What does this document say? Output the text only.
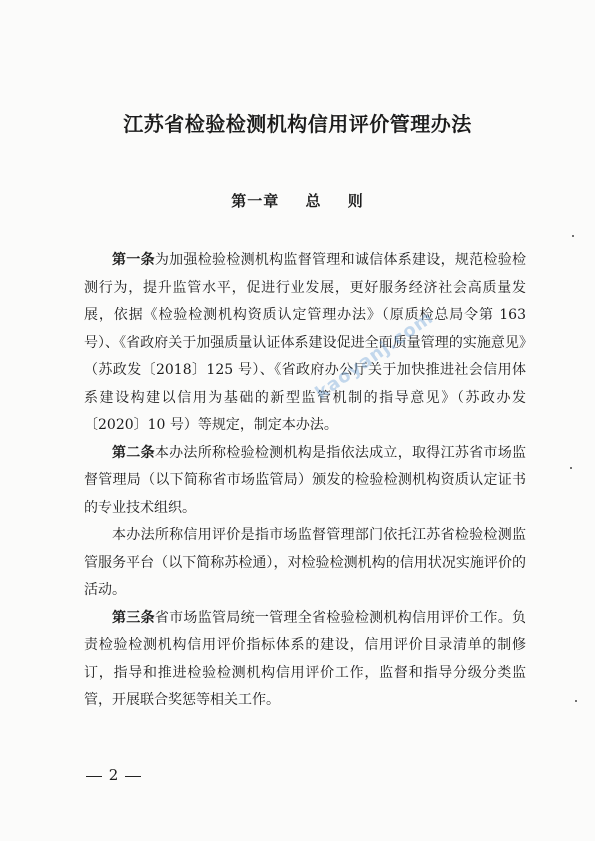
江苏省检验检测机构信用评价管理办法
第一章 总 则

第一条为加强检验检测机构监督管理和诚信体系建设，规范检验检测行为，提升监管水平，促进行业发展，更好服务经济社会高质量发展，依据《检验检测机构资质认定管理办法》（原质检总局令第 163 号）、《省政府关于加强质量认证体系建设促进全面质量管理的实施意见》（苏政发〔2018〕125 号）、《省政府办公厅关于加快推进社会信用体系建设构建以信用为基础的新型监管机制的指导意见》（苏政办发〔2020〕10 号）等规定，制定本办法。

第二条本办法所称检验检测机构是指依法成立，取得江苏省市场监督管理局（以下简称省市场监管局）颁发的检验检测机构资质认定证书的专业技术组织。

本办法所称信用评价是指市场监督管理部门依托江苏省检验检测监管服务平台（以下简称苏检通），对检验检测机构的信用状况实施评价的活动。

第三条省市场监管局统一管理全省检验检测机构信用评价工作。负责检验检测机构信用评价指标体系的建设，信用评价目录清单的制修订，指导和推进检验检测机构信用评价工作，监督和指导分级分类监管，开展联合奖惩等相关工作。

kaoyanj.com
2
